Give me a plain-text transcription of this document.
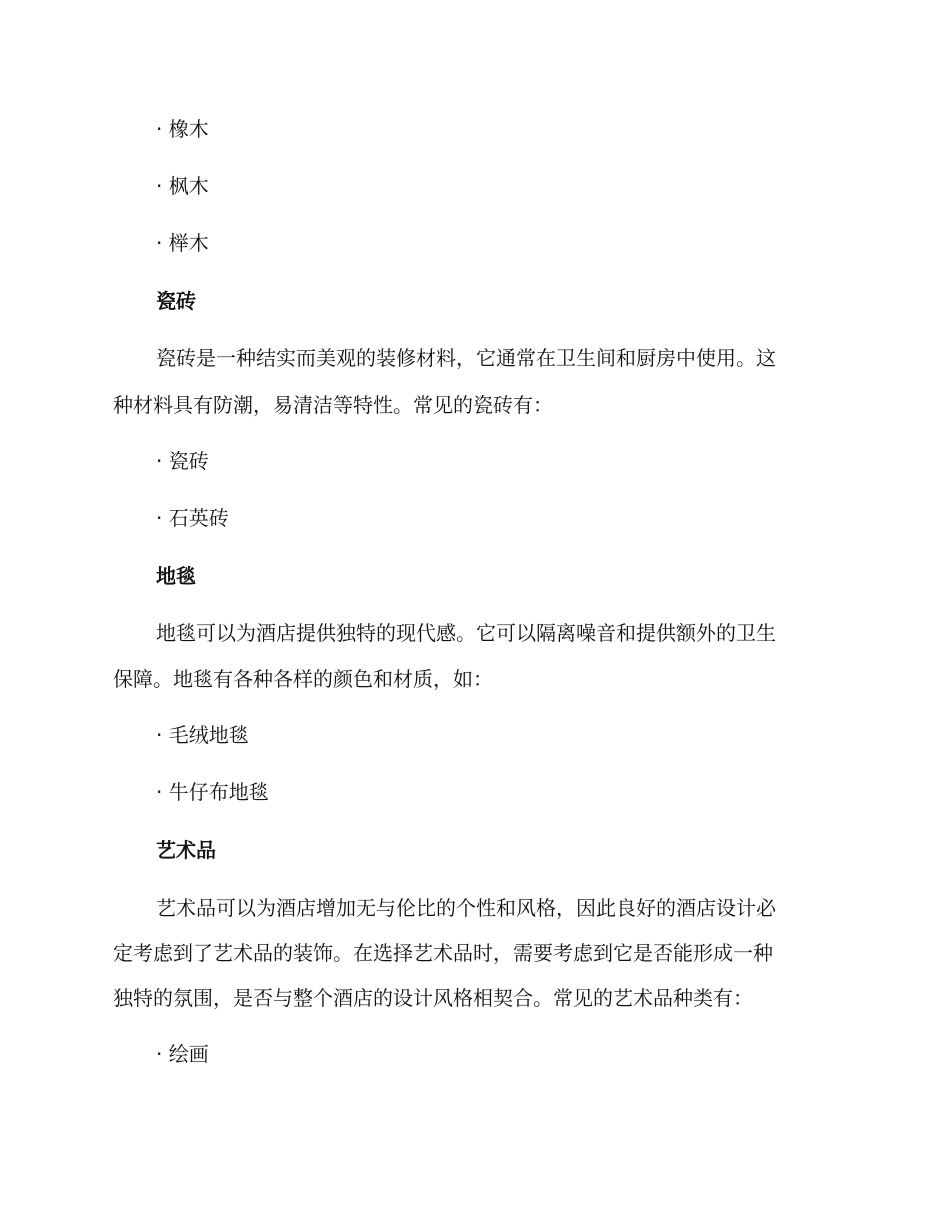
· 橡木
· 枫木
· 榉木
瓷砖
瓷砖是一种结实而美观的装修材料，它通常在卫生间和厨房中使用。这
种材料具有防潮，易清洁等特性。常见的瓷砖有：
· 瓷砖
· 石英砖
地毯
地毯可以为酒店提供独特的现代感。它可以隔离噪音和提供额外的卫生
保障。地毯有各种各样的颜色和材质，如：
· 毛绒地毯
· 牛仔布地毯
艺术品
艺术品可以为酒店增加无与伦比的个性和风格，因此良好的酒店设计必
定考虑到了艺术品的装饰。在选择艺术品时，需要考虑到它是否能形成一种
独特的氛围，是否与整个酒店的设计风格相契合。常见的艺术品种类有：
· 绘画
